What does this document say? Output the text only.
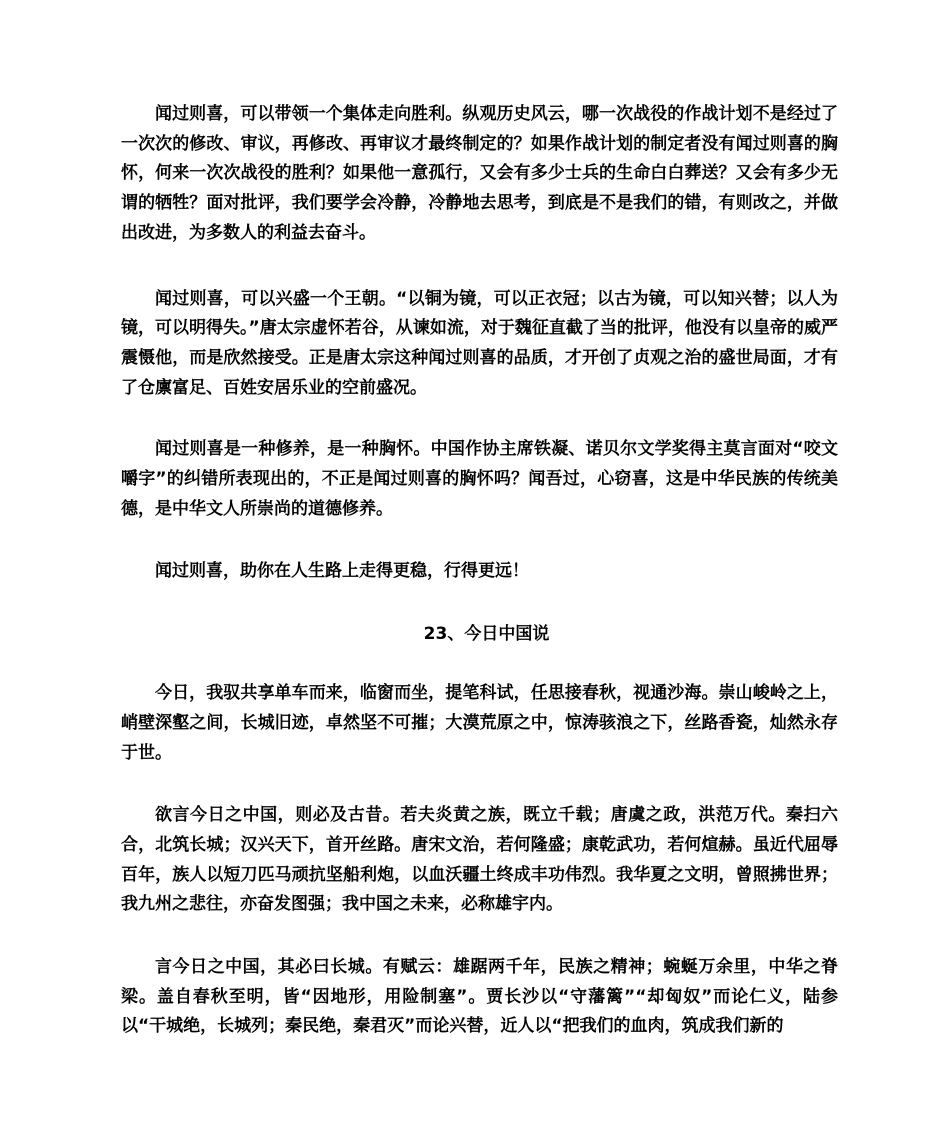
闻过则喜，可以带领一个集体走向胜利。纵观历史风云，哪一次战役的作战计划不是经过了一次次的修改、审议，再修改、再审议才最终制定的？如果作战计划的制定者没有闻过则喜的胸怀，何来一次次战役的胜利？如果他一意孤行，又会有多少士兵的生命白白葬送？又会有多少无谓的牺牲？面对批评，我们要学会冷静，冷静地去思考，到底是不是我们的错，有则改之，并做出改进，为多数人的利益去奋斗。

闻过则喜，可以兴盛一个王朝。“以铜为镜，可以正衣冠；以古为镜，可以知兴替；以人为镜，可以明得失。”唐太宗虚怀若谷，从谏如流，对于魏征直截了当的批评，他没有以皇帝的威严震慑他，而是欣然接受。正是唐太宗这种闻过则喜的品质，才开创了贞观之治的盛世局面，才有了仓廪富足、百姓安居乐业的空前盛况。

闻过则喜是一种修养，是一种胸怀。中国作协主席铁凝、诺贝尔文学奖得主莫言面对“咬文嚼字”的纠错所表现出的，不正是闻过则喜的胸怀吗？闻吾过，心窃喜，这是中华民族的传统美德，是中华文人所崇尚的道德修养。

闻过则喜，助你在人生路上走得更稳，行得更远！

23、今日中国说

今日，我驭共享单车而来，临窗而坐，提笔科试，任思接春秋，视通沙海。崇山峻岭之上，峭壁深壑之间，长城旧迹，卓然坚不可摧；大漠荒原之中，惊涛骇浪之下，丝路香瓷，灿然永存于世。

欲言今日之中国，则必及古昔。若夫炎黄之族，既立千载；唐虞之政，洪范万代。秦扫六合，北筑长城；汉兴天下，首开丝路。唐宋文治，若何隆盛；康乾武功，若何煊赫。虽近代屈辱百年，族人以短刀匹马顽抗坚船利炮，以血沃疆土终成丰功伟烈。我华夏之文明，曾照拂世界；我九州之悲往，亦奋发图强；我中国之未来，必称雄宇内。

言今日之中国，其必曰长城。有赋云：雄踞两千年，民族之精神；蜿蜒万余里，中华之脊梁。盖自春秋至明，皆“因地形，用险制塞”。贾长沙以“守藩篱”“却匈奴”而论仁义，陆参以“干城绝，长城列；秦民绝，秦君灭”而论兴替，近人以“把我们的血肉，筑成我们新的
